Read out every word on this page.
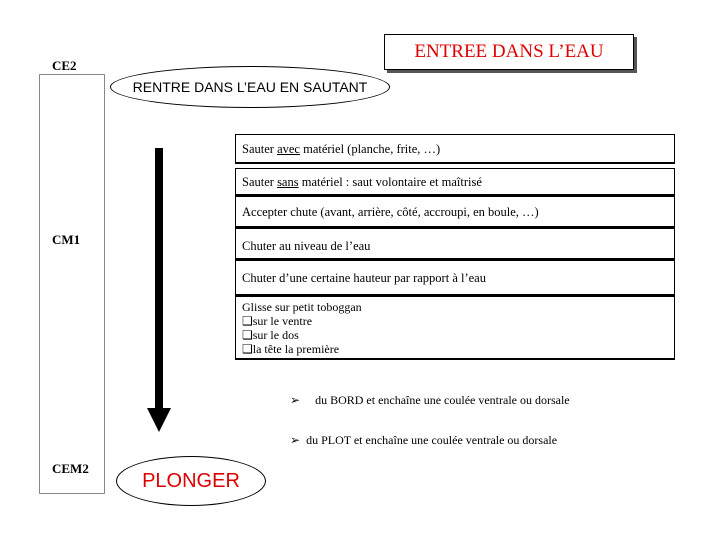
ENTREE DANS L’EAU
CE2
CM1
CEM2
RENTRE DANS L’EAU EN SAUTANT
Sauter avec matériel (planche, frite, …)
Sauter sans matériel : saut volontaire et maîtrisé
Accepter chute (avant, arrière, côté, accroupi, en boule, …)
Chuter au niveau de l’eau
Chuter d’une certaine hauteur par rapport à l’eau
Glisse sur petit toboggan
❑sur le ventre
❑sur le dos
❑la tête la première
➢ du BORD et enchaîne une coulée ventrale ou dorsale
➢ du PLOT et enchaîne une coulée ventrale ou dorsale
PLONGER
